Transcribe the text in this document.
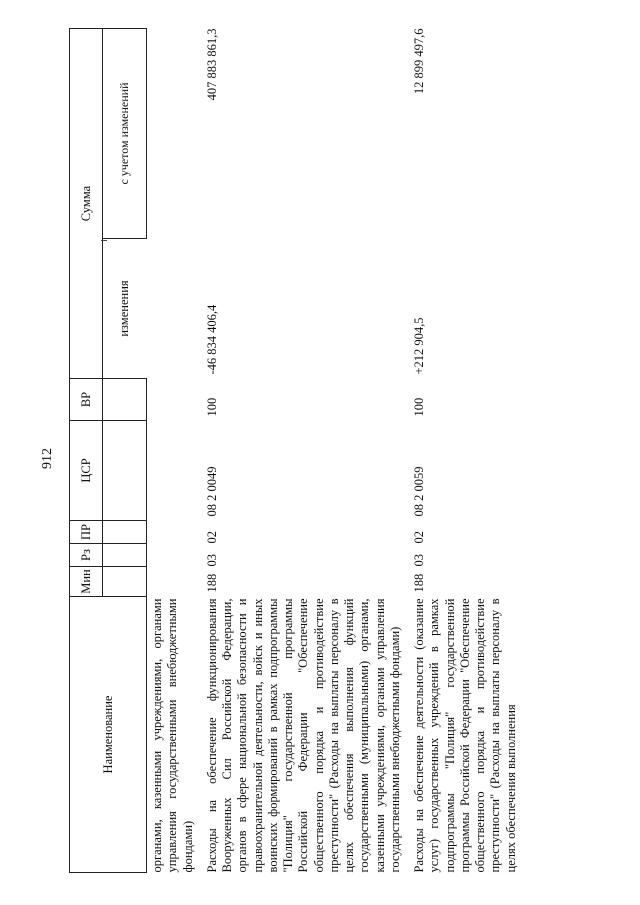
912
Наименование	Мин	Рз	ПР	ЦСР	ВР	Сумма	
						изменения	с учетом изменений

органами, казенными учреждениями, органами управления государственными внебюджетными фондами)							
Расходы на обеспечение функционирования Вооруженных Сил Российской Федерации, органов в сфере национальной безопасности и правоохранительной деятельности, войск и иных воинских формирований в рамках подпрограммы "Полиция" государственной программы Российской Федерации "Обеспечение общественного порядка и противодействие преступности" (Расходы на выплаты персоналу в целях обеспечения выполнения функций государственными (муниципальными) органами, казенными учреждениями, органами управления государственными внебюджетными фондами)	188	03	02	08 2 0049	100	-46 834 406,4	407 883 861,3
Расходы на обеспечение деятельности (оказание услуг) государственных учреждений в рамках подпрограммы "Полиция" государственной программы Российской Федерации "Обеспечение общественного порядка и противодействие преступности" (Расходы на выплаты персоналу в целях обеспечения выполнения	188	03	02	08 2 0059	100	+212 904,5	12 899 497,6
